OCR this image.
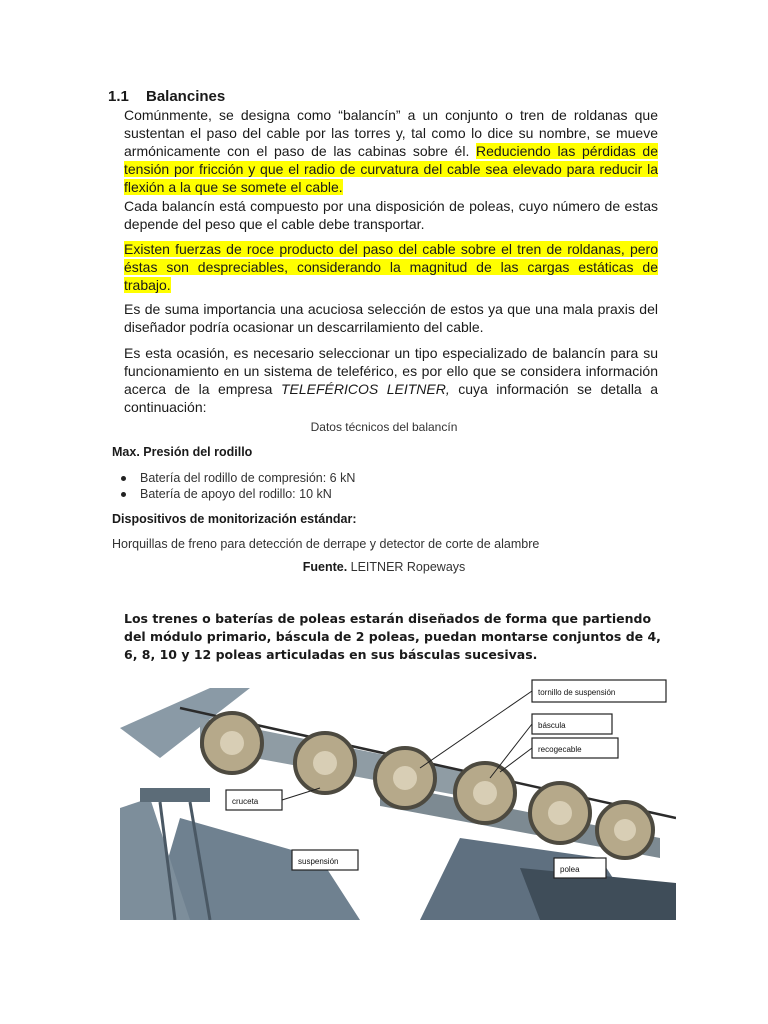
1.1 Balancines

Comúnmente, se designa como “balancín” a un conjunto o tren de roldanas que sustentan el paso del cable por las torres y, tal como lo dice su nombre, se mueve armónicamente con el paso de las cabinas sobre él. Reduciendo las pérdidas de tensión por fricción y que el radio de curvatura del cable sea elevado para reducir la flexión a la que se somete el cable.

Cada balancín está compuesto por una disposición de poleas, cuyo número de estas depende del peso que el cable debe transportar.

Existen fuerzas de roce producto del paso del cable sobre el tren de roldanas, pero éstas son despreciables, considerando la magnitud de las cargas estáticas de trabajo.

Es de suma importancia una acuciosa selección de estos ya que una mala praxis del diseñador podría ocasionar un descarrilamiento del cable.

Es esta ocasión, es necesario seleccionar un tipo especializado de balancín para su funcionamiento en un sistema de teleférico, es por ello que se considera información acerca de la empresa TELEFÉRICOS LEITNER, cuya información se detalla a continuación:

Datos técnicos del balancín
Max. Presión del rodillo
Batería del rodillo de compresión: 6 kN
Batería de apoyo del rodillo: 10 kN
Dispositivos de monitorización estándar:
Horquillas de freno para detección de derrape y detector de corte de alambre
Fuente. LEITNER Ropeways
Los trenes o baterías de poleas estarán diseñados de forma que partiendo del módulo primario, báscula de 2 poleas, puedan montarse conjuntos de 4, 6, 8, 10 y 12 poleas articuladas en sus básculas sucesivas.
tornillo de suspensión
báscula
recogecable
cruceta
suspensión
polea
